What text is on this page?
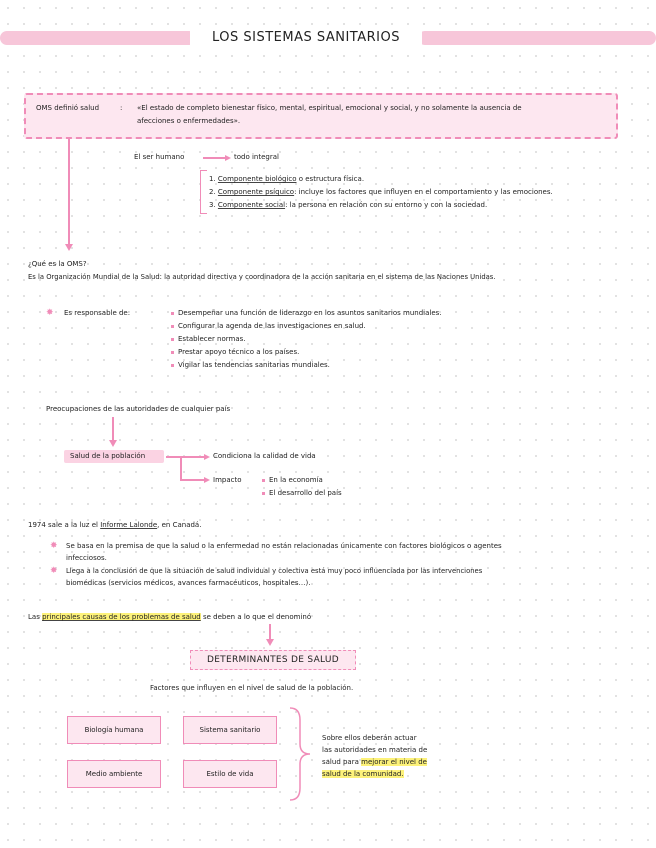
LOS SISTEMAS SANITARIOS
OMS definió salud	: «El estado de completo bienestar físico, mental, espiritual, emocional y social, y no solamente la ausencia de
afecciones o enfermedades».
El ser humano	todo integral
1. Componente biológico o estructura física.
2. Componente psíquico: incluye los factores que influyen en el comportamiento y las emociones.
3. Componente social: la persona en relación con su entorno y con la sociedad.
¿Qué es la OMS?
Es la Organización Mundial de la Salud: la autoridad directiva y coordinadora de la acción sanitaria en el sistema de las Naciones Unidas.
✸ Es responsable de:	Desempeñar una función de liderazgo en los asuntos sanitarios mundiales.
Configurar la agenda de las investigaciones en salud.
Establecer normas.
Prestar apoyo técnico a los países.
Vigilar las tendencias sanitarias mundiales.
Preocupaciones de las autoridades de cualquier país
Salud de la población	Condiciona la calidad de vida
Impacto	En la economía
El desarrollo del país
1974 sale a la luz el Informe Lalonde, en Canadá.
✸ Se basa en la premisa de que la salud o la enfermedad no están relacionadas únicamente con factores biológicos o agentes
infecciosos.
✸ Llega a la conclusión de que la situación de salud individual y colectiva está muy poco influenciada por las intervenciones
biomédicas (servicios médicos, avances farmacéuticos, hospitales…).
Las principales causas de los problemas de salud se deben a lo que el denominó
DETERMINANTES DE SALUD
Factores que influyen en el nivel de salud de la población.
Biología humana	Sistema sanitario
Medio ambiente	Estilo de vida
Sobre ellos deberán actuar
las autoridades en materia de
salud para mejorar el nivel de
salud de la comunidad.
